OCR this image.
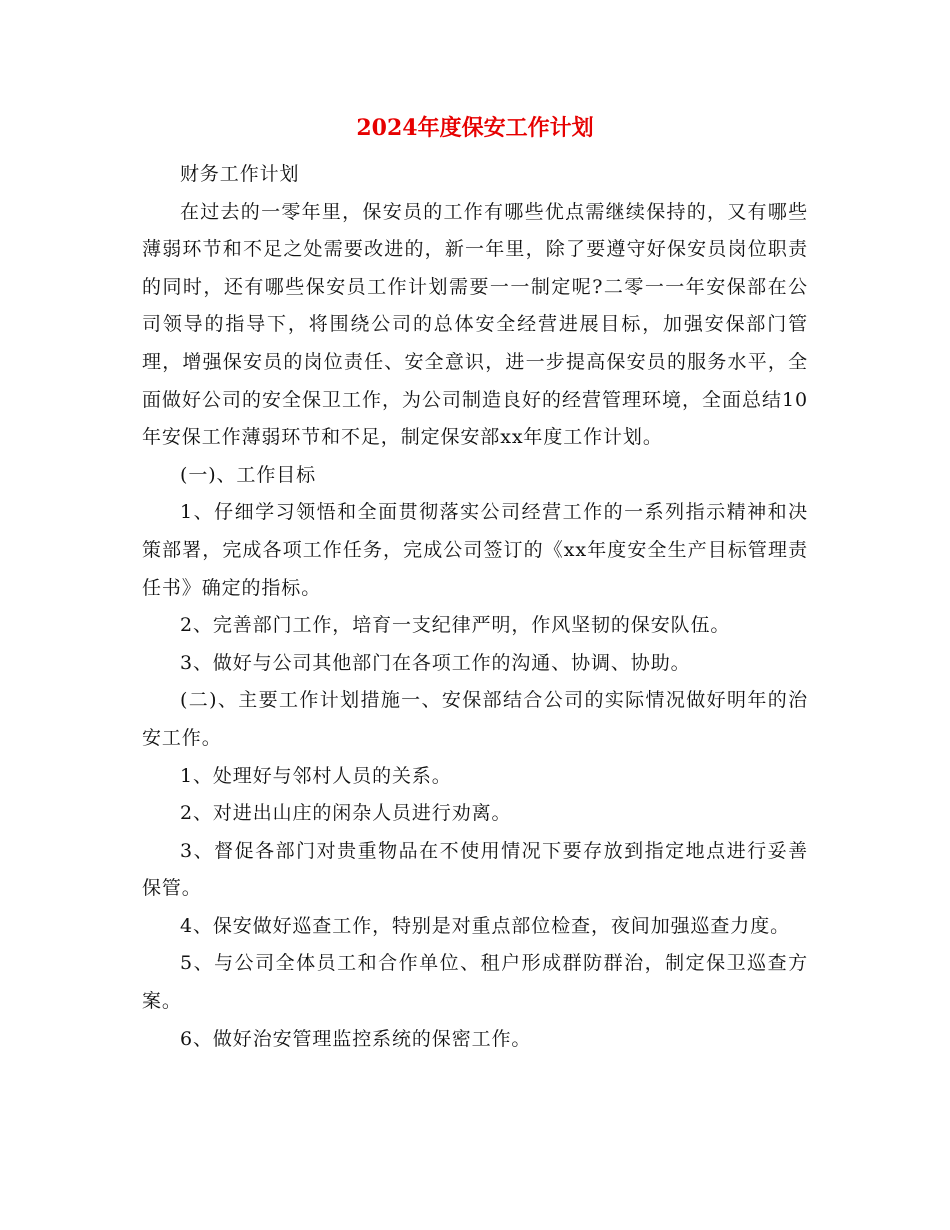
2024年度保安工作计划

财务工作计划

在过去的一零年里，保安员的工作有哪些优点需继续保持的，又有哪些薄弱环节和不足之处需要改进的，新一年里，除了要遵守好保安员岗位职责的同时，还有哪些保安员工作计划需要一一制定呢?二零一一年安保部在公司领导的指导下，将围绕公司的总体安全经营进展目标，加强安保部门管理，增强保安员的岗位责任、安全意识，进一步提高保安员的服务水平，全面做好公司的安全保卫工作，为公司制造良好的经营管理环境，全面总结10年安保工作薄弱环节和不足，制定保安部xx年度工作计划。

(一)、工作目标

1、仔细学习领悟和全面贯彻落实公司经营工作的一系列指示精神和决策部署，完成各项工作任务，完成公司签订的《xx年度安全生产目标管理责任书》确定的指标。

2、完善部门工作，培育一支纪律严明，作风坚韧的保安队伍。

3、做好与公司其他部门在各项工作的沟通、协调、协助。

(二)、主要工作计划措施一、安保部结合公司的实际情况做好明年的治安工作。

1、处理好与邻村人员的关系。

2、对进出山庄的闲杂人员进行劝离。

3、督促各部门对贵重物品在不使用情况下要存放到指定地点进行妥善保管。

4、保安做好巡查工作，特别是对重点部位检查，夜间加强巡查力度。

5、与公司全体员工和合作单位、租户形成群防群治，制定保卫巡查方案。

6、做好治安管理监控系统的保密工作。
